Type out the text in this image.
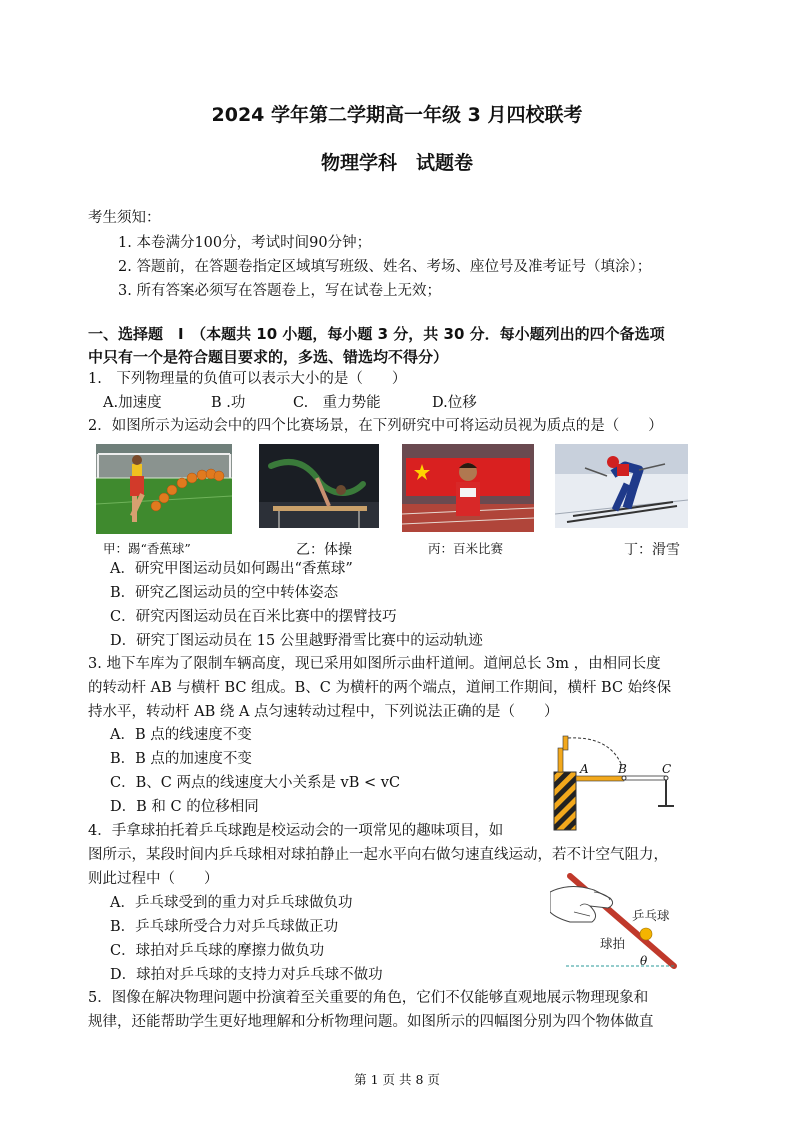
2024 学年第二学期高一年级 3 月四校联考
物理学科　试题卷
考生须知：
1. 本卷满分100分，考试时间90分钟；
2. 答题前，在答题卷指定区域填写班级、姓名、考场、座位号及准考证号（填涂）；
3. 所有答案必须写在答题卷上，写在试卷上无效；
一、选择题　Ⅰ　（本题共 10 小题，每小题 3 分，共 30 分．每小题列出的四个备选项
中只有一个是符合题目要求的，多选、错选均不得分）
1.　下列物理量的负值可以表示大小的是（　　）
A.加速度	B .功	C.　重力势能	D.位移
2．如图所示为运动会中的四个比赛场景，在下列研究中可将运动员视为质点的是（　　）
甲：踢“香蕉球”	乙：体操	丙：百米比赛	丁：滑雪
A．研究甲图运动员如何踢出“香蕉球”
B．研究乙图运动员的空中转体姿态
C．研究丙图运动员在百米比赛中的摆臂技巧
D．研究丁图运动员在 15 公里越野滑雪比赛中的运动轨迹
3. 地下车库为了限制车辆高度，现已采用如图所示曲杆道闸。道闸总长 3m ，由相同长度
的转动杆 AB 与横杆 BC 组成。B、C 为横杆的两个端点，道闸工作期间，横杆 BC 始终保
持水平，转动杆 AB 绕 A 点匀速转动过程中，下列说法正确的是（　　）
A．B 点的线速度不变
B．B 点的加速度不变
C．B、C 两点的线速度大小关系是 vB < vC
D．B 和 C 的位移相同
A B	C
4．手拿球拍托着乒乓球跑是校运动会的一项常见的趣味项目，如
图所示，某段时间内乒乓球相对球拍静止一起水平向右做匀速直线运动，若不计空气阻力，
则此过程中（　　）
A．乒乓球受到的重力对乒乓球做负功
B．乒乓球所受合力对乒乓球做正功
C．球拍对乒乓球的摩擦力做负功
D．球拍对乒乓球的支持力对乒乓球不做功
乒乓球
球拍
θ
5．图像在解决物理问题中扮演着至关重要的角色，它们不仅能够直观地展示物理现象和
规律，还能帮助学生更好地理解和分析物理问题。如图所示的四幅图分别为四个物体做直
第 1 页 共 8 页
